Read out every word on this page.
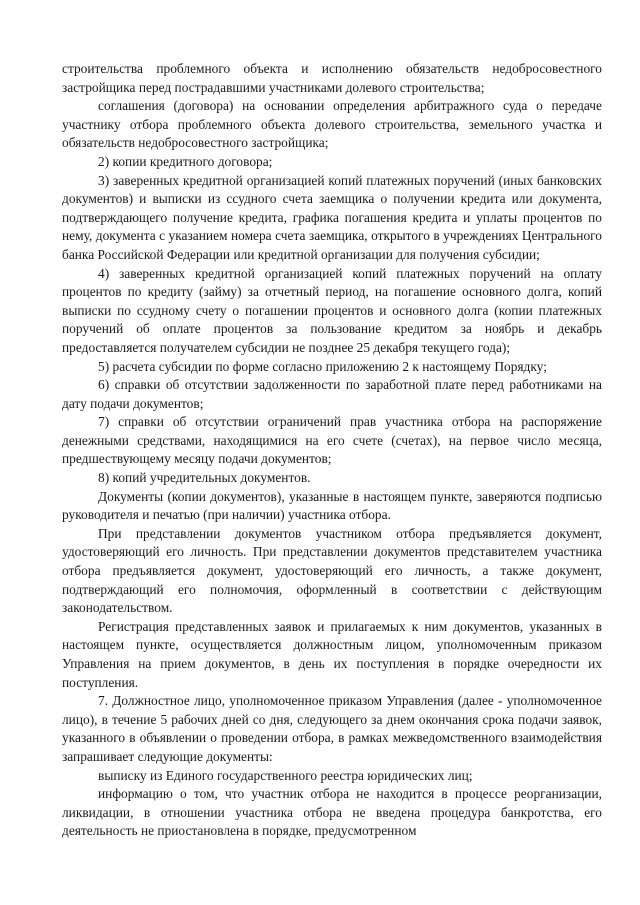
строительства проблемного объекта и исполнению обязательств недобросовестного застройщика перед пострадавшими участниками долевого строительства;

соглашения (договора) на основании определения арбитражного суда о передаче участнику отбора проблемного объекта долевого строительства, земельного участка и обязательств недобросовестного застройщика;

2) копии кредитного договора;

3) заверенных кредитной организацией копий платежных поручений (иных банковских документов) и выписки из ссудного счета заемщика о получении кредита или документа, подтверждающего получение кредита, графика погашения кредита и уплаты процентов по нему, документа с указанием номера счета заемщика, открытого в учреждениях Центрального банка Российской Федерации или кредитной организации для получения субсидии;

4) заверенных кредитной организацией копий платежных поручений на оплату процентов по кредиту (займу) за отчетный период, на погашение основного долга, копий выписки по ссудному счету о погашении процентов и основного долга (копии платежных поручений об оплате процентов за пользование кредитом за ноябрь и декабрь предоставляется получателем субсидии не позднее 25 декабря текущего года);

5) расчета субсидии по форме согласно приложению 2 к настоящему Порядку;

6) справки об отсутствии задолженности по заработной плате перед работниками на дату подачи документов;

7) справки об отсутствии ограничений прав участника отбора на распоряжение денежными средствами, находящимися на его счете (счетах), на первое число месяца, предшествующему месяцу подачи документов;

8) копий учредительных документов.

Документы (копии документов), указанные в настоящем пункте, заверяются подписью руководителя и печатью (при наличии) участника отбора.

При представлении документов участником отбора предъявляется документ, удостоверяющий его личность. При представлении документов представителем участника отбора предъявляется документ, удостоверяющий его личность, а также документ, подтверждающий его полномочия, оформленный в соответствии с действующим законодательством.

Регистрация представленных заявок и прилагаемых к ним документов, указанных в настоящем пункте, осуществляется должностным лицом, уполномоченным приказом Управления на прием документов, в день их поступления в порядке очередности их поступления.

7. Должностное лицо, уполномоченное приказом Управления (далее - уполномоченное лицо), в течение 5 рабочих дней со дня, следующего за днем окончания срока подачи заявок, указанного в объявлении о проведении отбора, в рамках межведомственного взаимодействия запрашивает следующие документы:

выписку из Единого государственного реестра юридических лиц;

информацию о том, что участник отбора не находится в процессе реорганизации, ликвидации, в отношении участника отбора не введена процедура банкротства, его деятельность не приостановлена в порядке, предусмотренном
